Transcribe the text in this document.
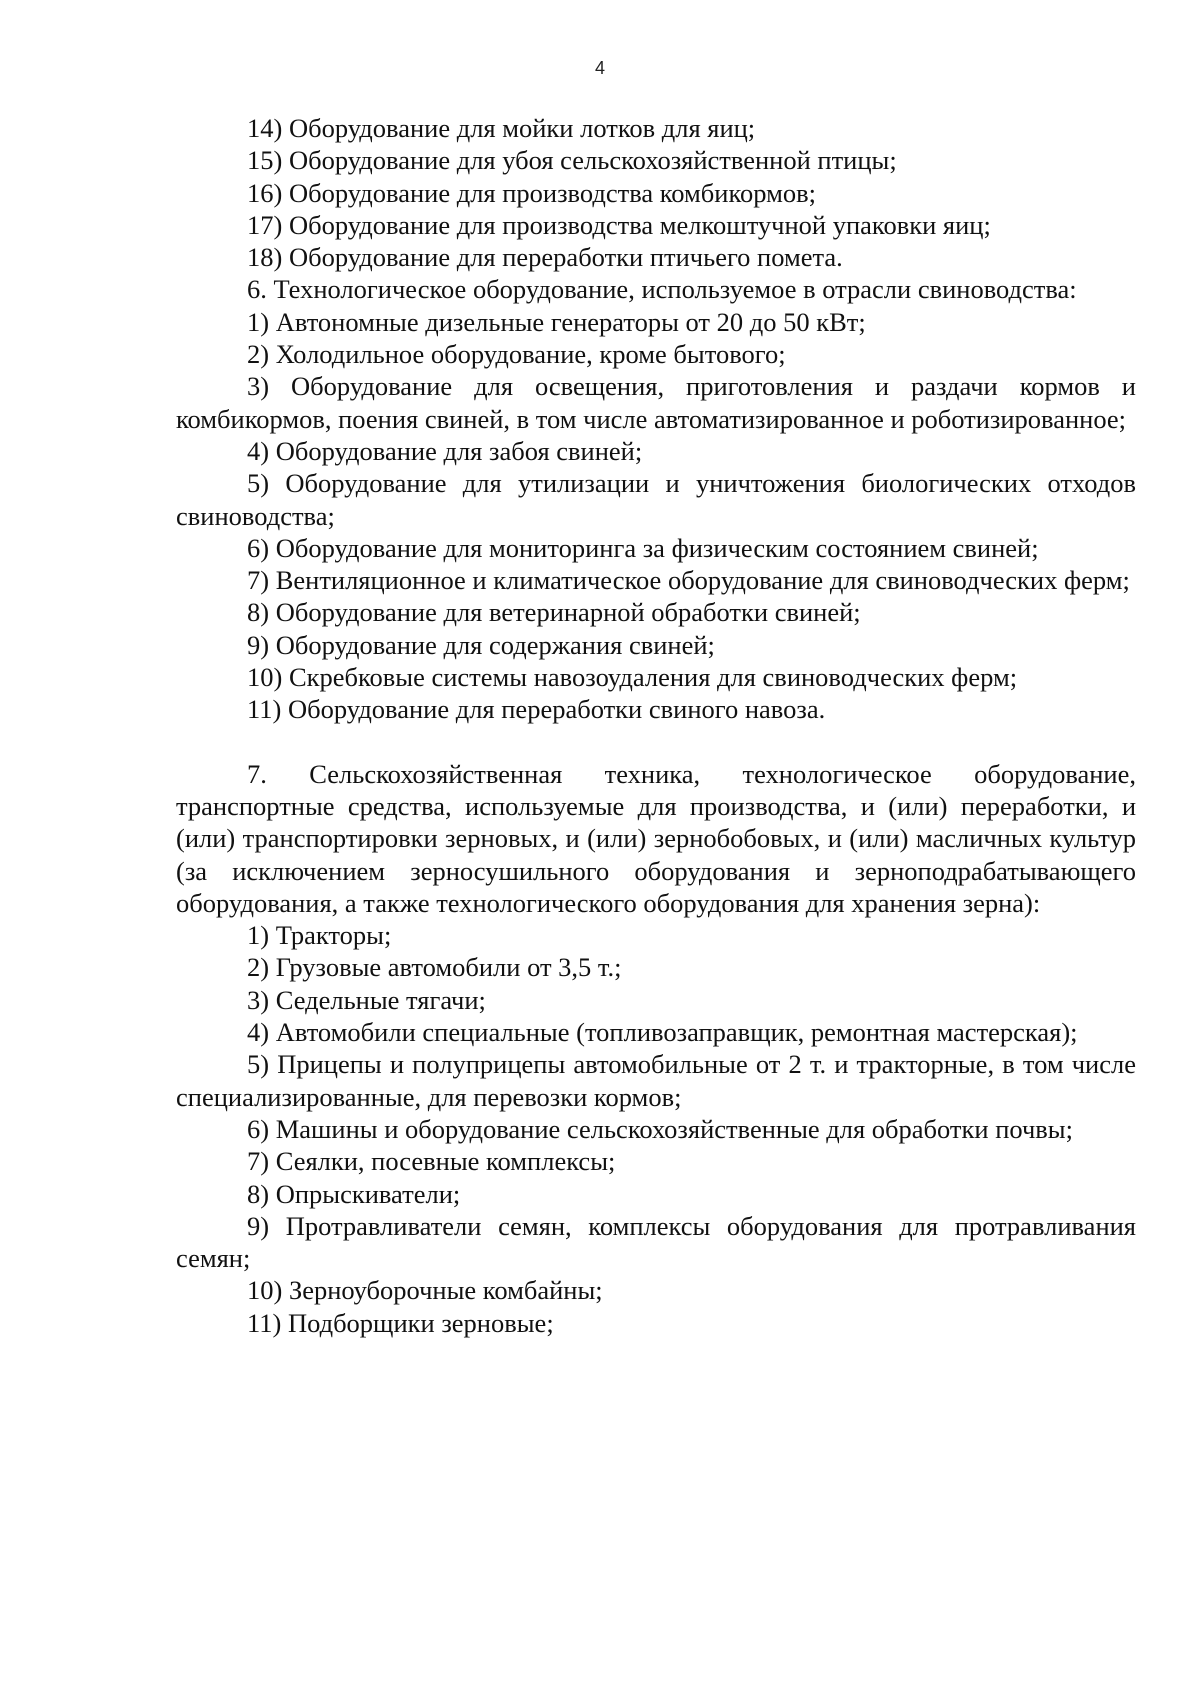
4

14) Оборудование для мойки лотков для яиц;

15) Оборудование для убоя сельскохозяйственной птицы;

16) Оборудование для производства комбикормов;

17) Оборудование для производства мелкоштучной упаковки яиц;

18) Оборудование для переработки птичьего помета.

6. Технологическое оборудование, используемое в отрасли свиноводства:

1) Автономные дизельные генераторы от 20 до 50 кВт;

2) Холодильное оборудование, кроме бытового;

3) Оборудование для освещения, приготовления и раздачи кормов и комбикормов, поения свиней, в том числе автоматизированное и роботизированное;

4) Оборудование для забоя свиней;

5) Оборудование для утилизации и уничтожения биологических отходов свиноводства;

6) Оборудование для мониторинга за физическим состоянием свиней;

7) Вентиляционное и климатическое оборудование для свиноводческих ферм;

8) Оборудование для ветеринарной обработки свиней;

9) Оборудование для содержания свиней;

10) Скребковые системы навозоудаления для свиноводческих ферм;

11) Оборудование для переработки свиного навоза.

7. Сельскохозяйственная техника, технологическое оборудование, транспортные средства, используемые для производства, и (или) переработки, и (или) транспортировки зерновых, и (или) зернобобовых, и (или) масличных культур (за исключением зерносушильного оборудования и зерноподрабатывающего оборудования, а также технологического оборудования для хранения зерна):

1) Тракторы;

2) Грузовые автомобили от 3,5 т.;

3) Седельные тягачи;

4) Автомобили специальные (топливозаправщик, ремонтная мастерская);

5) Прицепы и полуприцепы автомобильные от 2 т. и тракторные, в том числе специализированные, для перевозки кормов;

6) Машины и оборудование сельскохозяйственные для обработки почвы;

7) Сеялки, посевные комплексы;

8) Опрыскиватели;

9) Протравливатели семян, комплексы оборудования для протравливания семян;

10) Зерноуборочные комбайны;

11) Подборщики зерновые;
